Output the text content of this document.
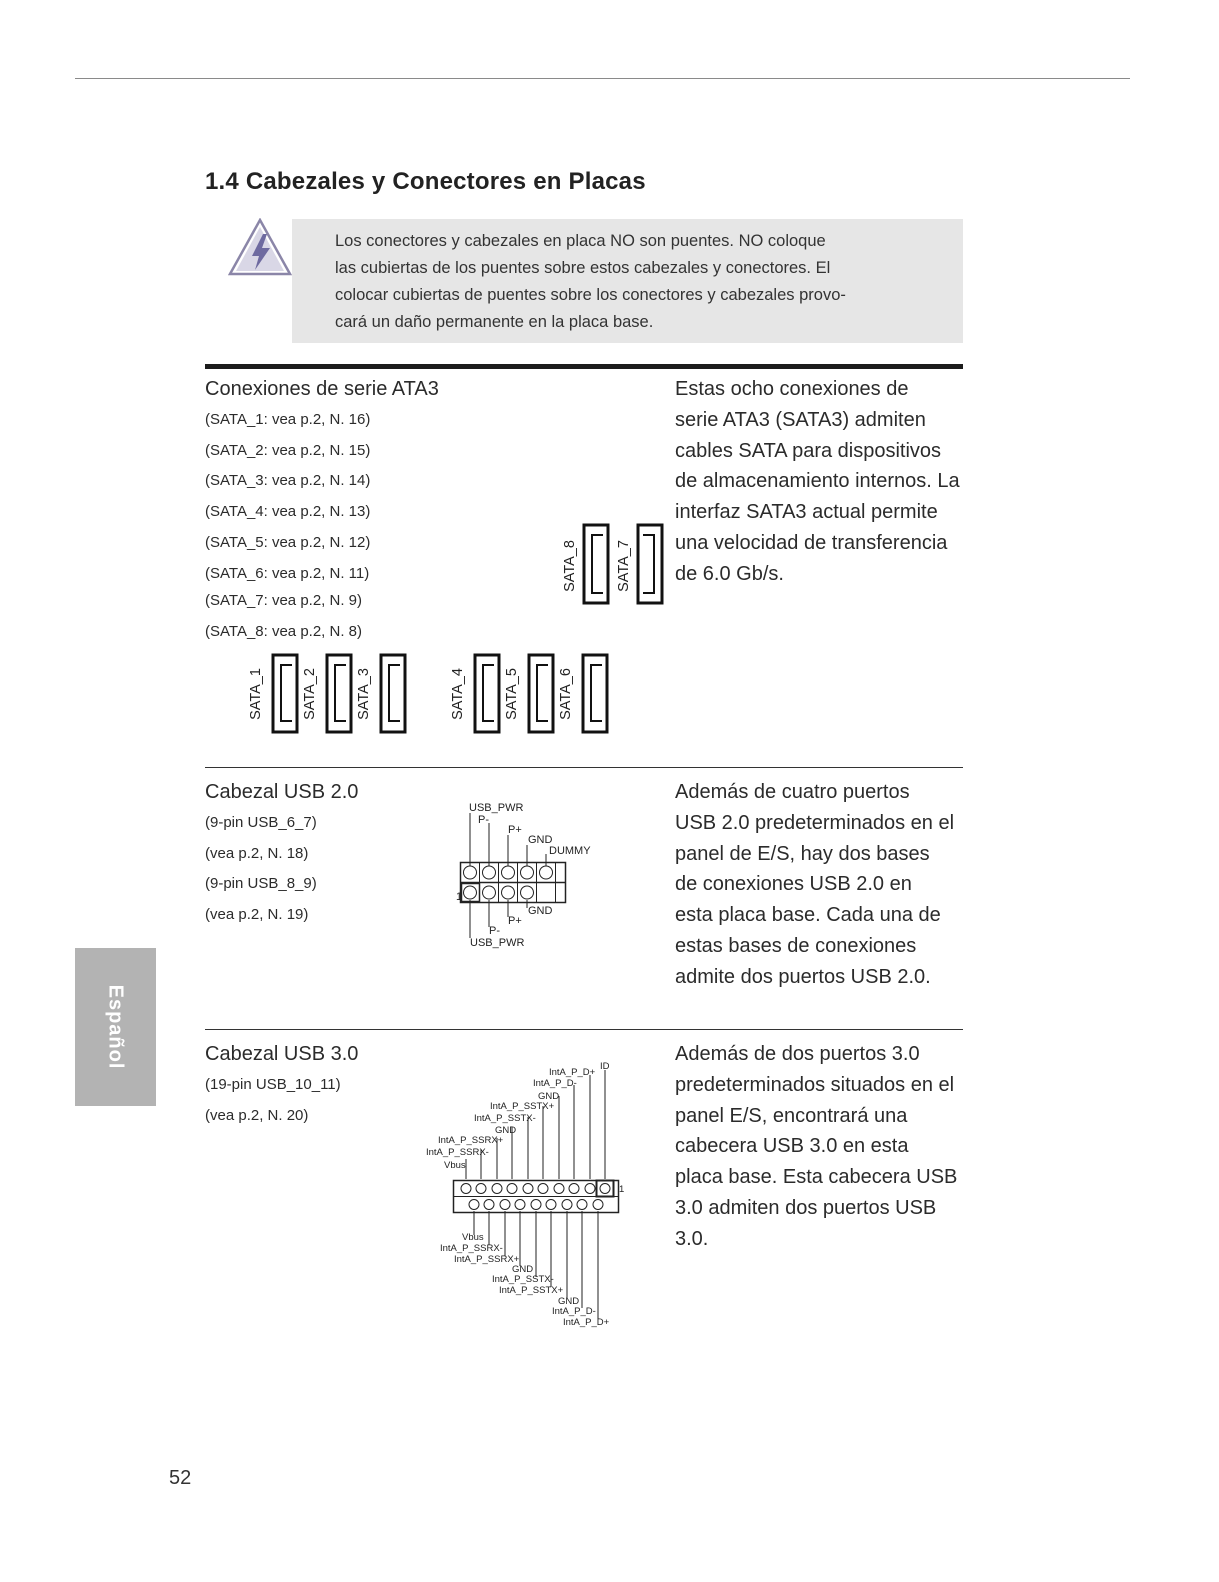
1.4 Cabezales y Conectores en Placas
Los conectores y cabezales en placa NO son puentes. NO coloque
las cubiertas de los puentes sobre estos cabezales y conectores. El
colocar cubiertas de puentes sobre los conectores y cabezales provo-
cará un daño permanente en la placa base.
Conexiones de serie ATA3
(SATA_1: vea p.2, N. 16)
(SATA_2: vea p.2, N. 15)
(SATA_3: vea p.2, N. 14)
(SATA_4: vea p.2, N. 13)
(SATA_5: vea p.2, N. 12)
(SATA_6: vea p.2, N. 11)
(SATA_7: vea p.2, N. 9)
(SATA_8: vea p.2, N. 8)
Estas ocho conexiones de
serie ATA3 (SATA3) admiten
cables SATA para dispositivos
de almacenamiento internos. La
interfaz SATA3 actual permite
una velocidad de transferencia
de 6.0 Gb/s.
SATA_1	SATA_2	SATA_3	SATA_4	SATA_5	SATA_6
SATA_7
SATA_8
Cabezal USB 2.0
(9-pin USB_6_7)
(vea p.2, N. 18)
(9-pin USB_8_9)
(vea p.2, N. 19)
Además de cuatro puertos
USB 2.0 predeterminados en el
panel de E/S, hay dos bases
de conexiones USB 2.0 en
esta placa base. Cada una de
estas bases de conexiones
admite dos puertos USB 2.0.
USB_PWR
P-
P+
GND
DUMMY
1
GND
P+
P-
USB_PWR
Cabezal USB 3.0
(19-pin USB_10_11)
(vea p.2, N. 20)
Además de dos puertos 3.0
predeterminados situados en el
panel E/S, encontrará una
cabecera USB 3.0 en esta
placa base. Esta cabecera USB
3.0 admiten dos puertos USB
3.0.
ID
IntA_P_D+
IntA_P_D-
GND
IntA_P_SSTX+
IntA_P_SSTX-
GND
IntA_P_SSRX+
IntA_P_SSRX-
Vbus
1
Vbus
IntA_P_SSRX-
IntA_P_SSRX+
GND
IntA_P_SSTX-
IntA_P_SSTX+
GND
IntA_P_D-
IntA_P_D+
Español
52
